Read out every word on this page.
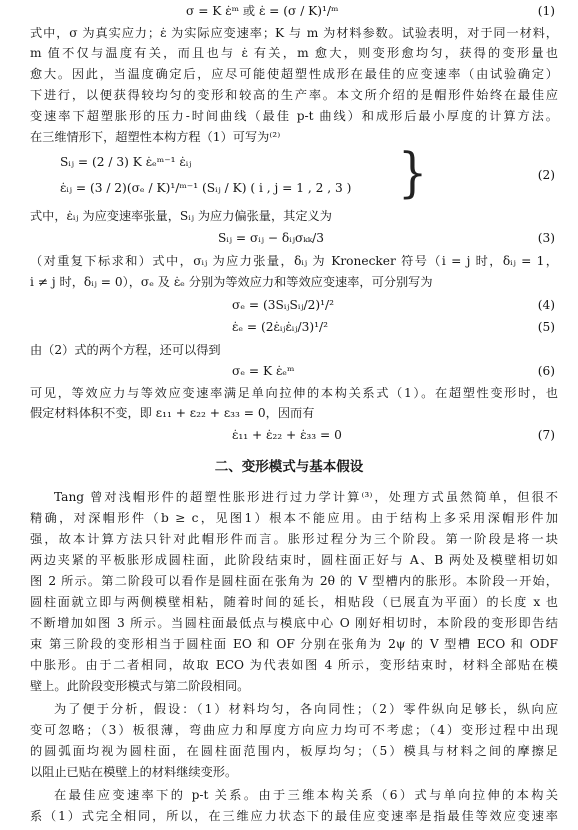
σ = K ε̇ᵐ 或 ε̇ = (σ / K)¹/ᵐ	(1)
式中，σ 为真实应力；ε̇ 为实际应变速率；K 与 m 为材料参数。试验表明，对于同一材料，
m 值不仅与温度有关，而且也与 ε̇ 有关，m 愈大，则变形愈均匀，获得的变形量也
愈大。因此，当温度确定后，应尽可能使超塑性成形在最佳的应变速率（由试验确定）
下进行，以便获得较均匀的变形和较高的生产率。本文所介绍的是帽形件始终在最佳应
变速率下超塑胀形的压力-时间曲线（最佳 p-t 曲线）和成形后最小厚度的计算方法。
在三维情形下，超塑性本构方程（1）可写为⁽²⁾
Sᵢⱼ = (2 / 3) K ε̇ₑᵐ⁻¹ ε̇ᵢⱼ
ε̇ᵢⱼ = (3 / 2)(σₑ / K)¹/ᵐ⁻¹ (Sᵢⱼ / K) ( i , j = 1 , 2 , 3 ) }	(2)
式中，ε̇ᵢⱼ 为应变速率张量，Sᵢⱼ 为应力偏张量，其定义为
Sᵢⱼ = σᵢⱼ − δᵢⱼσₖₖ/3	(3)
（对重复下标求和）式中，σᵢⱼ 为应力张量，δᵢⱼ 为 Kronecker 符号（i = j 时，δᵢⱼ = 1，
i ≠ j 时，δᵢⱼ = 0），σₑ 及 ε̇ₑ 分别为等效应力和等效应变速率，可分别写为
σₑ = (3SᵢⱼSᵢⱼ/2)¹/²	(4)
ε̇ₑ = (2ε̇ᵢⱼε̇ᵢⱼ/3)¹/²	(5)
由（2）式的两个方程，还可以得到
σₑ = K ε̇ₑᵐ	(6)
可见，等效应力与等效应变速率满足单向拉伸的本构关系式（1）。在超塑性变形时，也
假定材料体积不变，即 ε₁₁ + ε₂₂ + ε₃₃ = 0，因而有
ε̇₁₁ + ε̇₂₂ + ε̇₃₃ = 0	(7)
二、变形模式与基本假设
Tang 曾对浅帽形件的超塑性胀形进行过力学计算⁽³⁾，处理方式虽然简单，但很不
精确，对深帽形件（b ≥ c，见图1）根本不能应用。由于结构上多采用深帽形件加
强，故本计算方法只针对此帽形件而言。胀形过程分为三个阶段。第一阶段是将一块
两边夹紧的平板胀形成圆柱面，此阶段结束时，圆柱面正好与 A、B 两处及模壁相切如
图 2 所示。第二阶段可以看作是圆柱面在张角为 2θ 的 V 型槽内的胀形。本阶段一开始，
圆柱面就立即与两侧模壁相粘，随着时间的延长，相贴段（已展直为平面）的长度 x 也
不断增加如图 3 所示。当圆柱面最低点与模底中心 O 刚好相切时，本阶段的变形即告结
束 第三阶段的变形相当于圆柱面 EO 和 OF 分别在张角为 2ψ 的 V 型槽 ECO 和 ODF
中胀形。由于二者相同，故取 ECO 为代表如图 4 所示，变形结束时，材料全部贴在模
壁上。此阶段变形模式与第二阶段相同。
为了便于分析，假设：（1）材料均匀，各向同性；（2）零件纵向足够长，纵向应
变可忽略；（3）板很薄，弯曲应力和厚度方向应力均可不考虑；（4）变形过程中出现
的圆弧面均视为圆柱面，在圆柱面范围内，板厚均匀；（5）模具与材料之间的摩擦足
以阻止已贴在模壁上的材料继续变形。
在最佳应变速率下的 p-t 关系。由于三维本构关系（6）式与单向拉伸的本构关
系（1）式完全相同，所以，在三维应力状态下的最佳应变速率是指最佳等效应变速率
